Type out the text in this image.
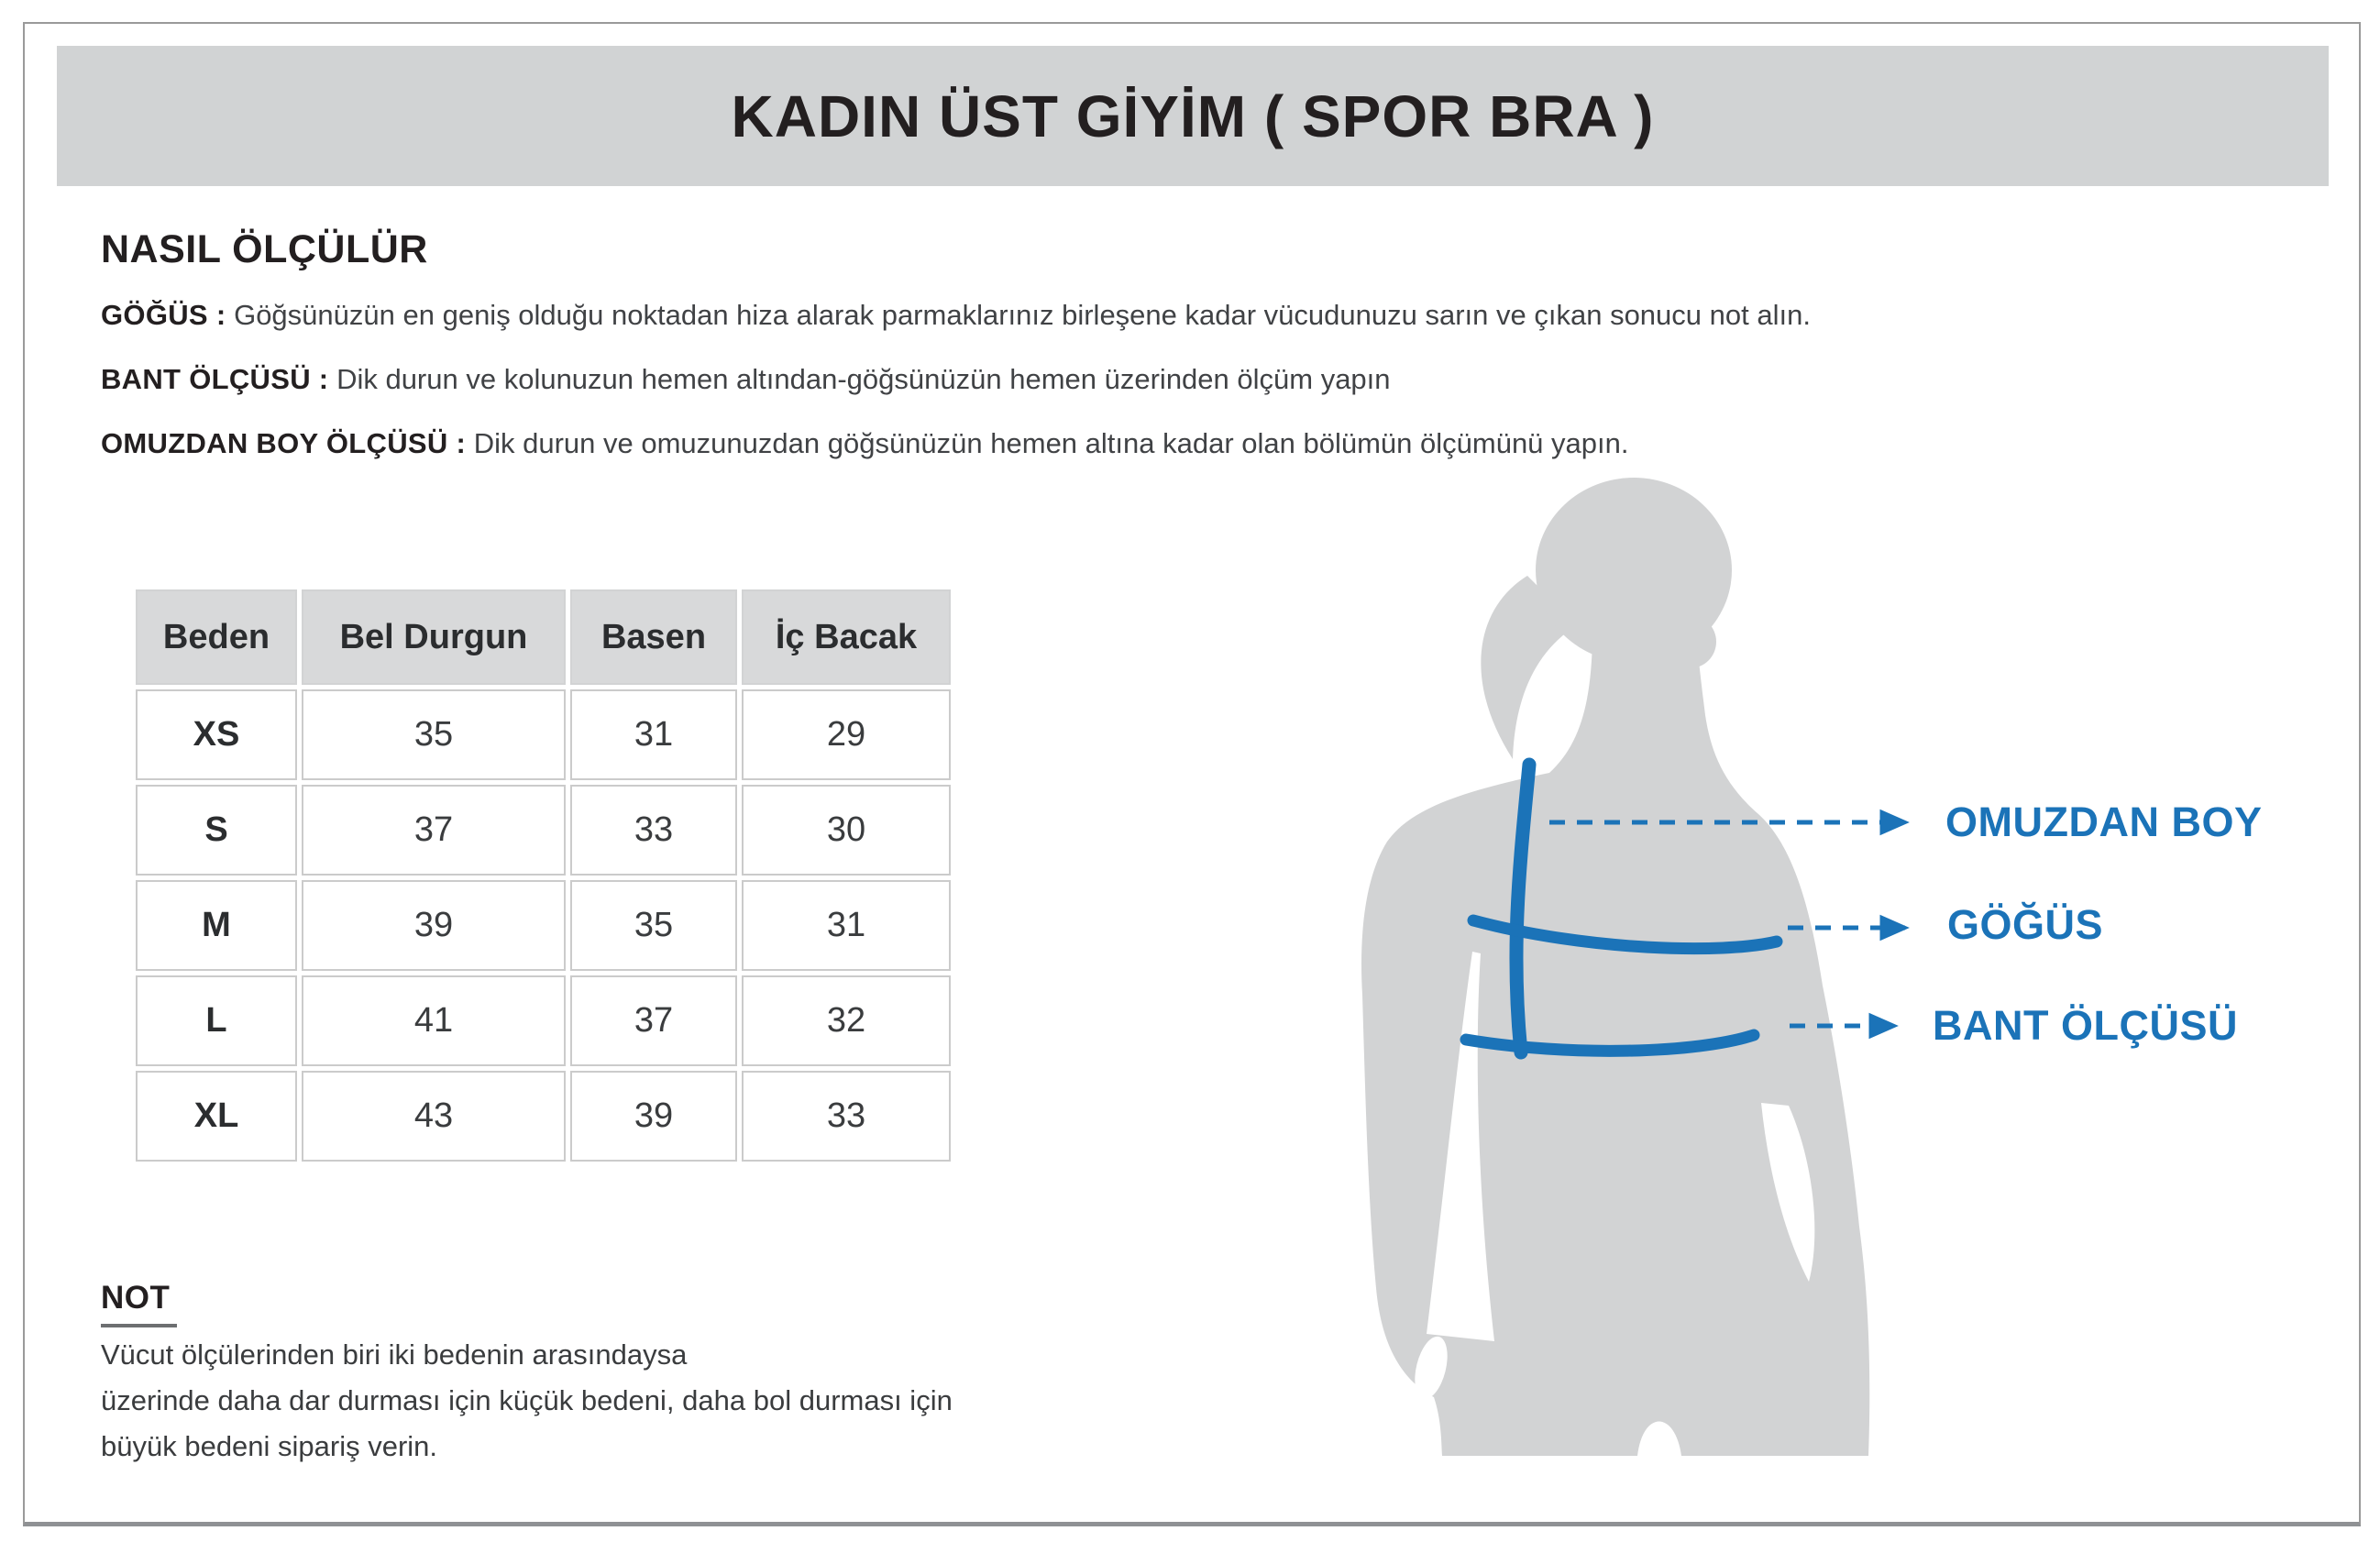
KADIN ÜST GİYİM ( SPOR BRA )
NASIL ÖLÇÜLÜR

GÖĞÜS : Göğsünüzün en geniş olduğu noktadan hiza alarak parmaklarınız birleşene kadar vücudunuzu sarın ve çıkan sonucu not alın.

BANT ÖLÇÜSÜ : Dik durun ve kolunuzun hemen altından-göğsünüzün hemen üzerinden ölçüm yapın

OMUZDAN BOY ÖLÇÜSÜ : Dik durun ve omuzunuzdan göğsünüzün hemen altına kadar olan bölümün ölçümünü yapın.

Beden	Bel Durgun	Basen	İç Bacak
XS	35	31	29
S	37	33	30
M	39	35	31
L	41	37	32
XL	43	39	33
NOT

Vücut ölçülerinden biri iki bedenin arasındaysa

üzerinde daha dar durması için küçük bedeni, daha bol durması için

büyük bedeni sipariş verin.

OMUZDAN BOY
GÖĞÜS
BANT ÖLÇÜSÜ
